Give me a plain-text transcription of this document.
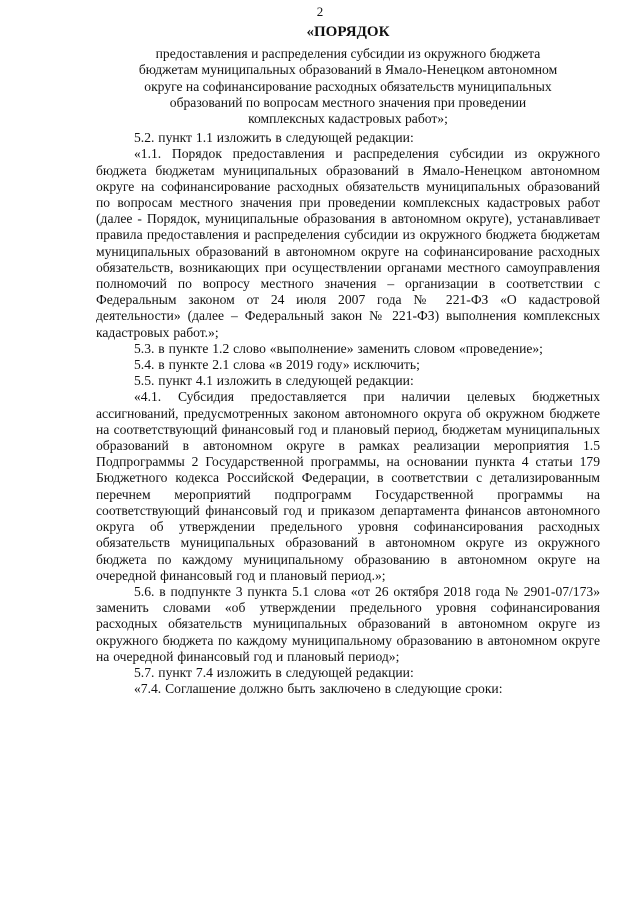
2
«ПОРЯДОК
предоставления и распределения субсидии из окружного бюджета
бюджетам муниципальных образований в Ямало-Ненецком автономном
округе на софинансирование расходных обязательств муниципальных
образований по вопросам местного значения при проведении
комплексных кадастровых работ»;

5.2. пункт 1.1 изложить в следующей редакции:

«1.1. Порядок предоставления и распределения субсидии из окружного бюджета бюджетам муниципальных образований в Ямало-Ненецком автономном округе на софинансирование расходных обязательств муниципальных образований по вопросам местного значения при проведении комплексных кадастровых работ (далее - Порядок, муниципальные образования в автономном округе), устанавливает правила предоставления и распределения субсидии из окружного бюджета бюджетам муниципальных образований в автономном округе на софинансирование расходных обязательств, возникающих при осуществлении органами местного самоуправления полномочий по вопросу местного значения – организации в соответствии с Федеральным законом от 24 июля 2007 года № 221-ФЗ «О кадастровой деятельности» (далее – Федеральный закон № 221-ФЗ) выполнения комплексных кадастровых работ.»;

5.3. в пункте 1.2 слово «выполнение» заменить словом «проведение»;

5.4. в пункте 2.1 слова «в 2019 году» исключить;

5.5. пункт 4.1 изложить в следующей редакции:

«4.1. Субсидия предоставляется при наличии целевых бюджетных ассигнований, предусмотренных законом автономного округа об окружном бюджете на соответствующий финансовый год и плановый период, бюджетам муниципальных образований в автономном округе в рамках реализации мероприятия 1.5 Подпрограммы 2 Государственной программы, на основании пункта 4 статьи 179 Бюджетного кодекса Российской Федерации, в соответствии с детализированным перечнем мероприятий подпрограмм Государственной программы на соответствующий финансовый год и приказом департамента финансов автономного округа об утверждении предельного уровня софинансирования расходных обязательств муниципальных образований в автономном округе из окружного бюджета по каждому муниципальному образованию в автономном округе на очередной финансовый год и плановый период.»;

5.6. в подпункте 3 пункта 5.1 слова «от 26 октября 2018 года № 2901-07/173» заменить словами «об утверждении предельного уровня софинансирования расходных обязательств муниципальных образований в автономном округе из окружного бюджета по каждому муниципальному образованию в автономном округе на очередной финансовый год и плановый период»;

5.7. пункт 7.4 изложить в следующей редакции:

«7.4. Соглашение должно быть заключено в следующие сроки:
